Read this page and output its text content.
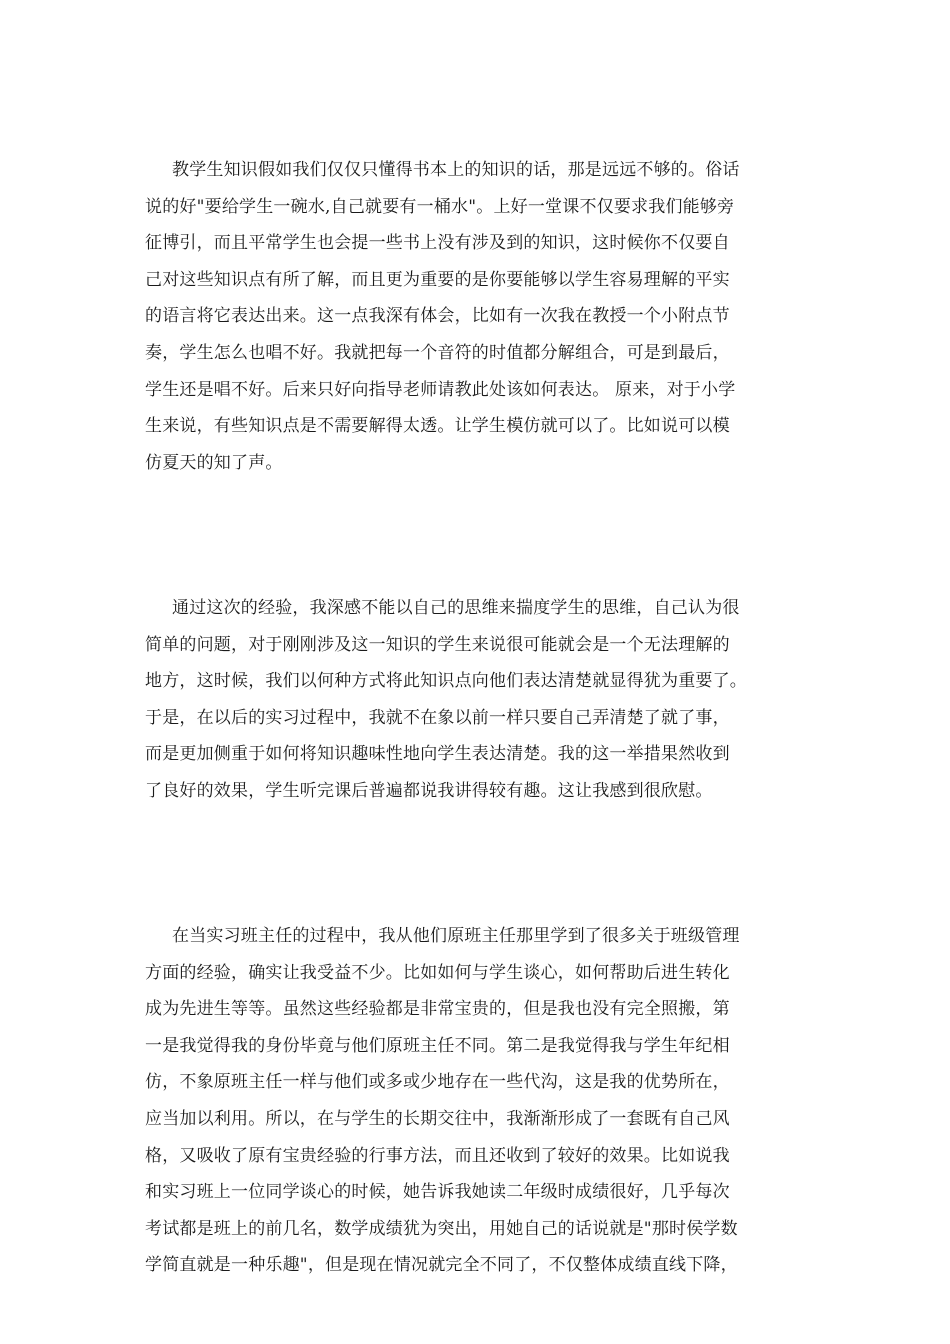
教学生知识假如我们仅仅只懂得书本上的知识的话，那是远远不够的。俗话
说的好"要给学生一碗水,自己就要有一桶水"。上好一堂课不仅要求我们能够旁
征博引，而且平常学生也会提一些书上没有涉及到的知识，这时候你不仅要自
己对这些知识点有所了解，而且更为重要的是你要能够以学生容易理解的平实
的语言将它表达出来。这一点我深有体会，比如有一次我在教授一个小附点节
奏，学生怎么也唱不好。我就把每一个音符的时值都分解组合，可是到最后，
学生还是唱不好。后来只好向指导老师请教此处该如何表达。 原来，对于小学
生来说，有些知识点是不需要解得太透。让学生模仿就可以了。比如说可以模
仿夏天的知了声。
通过这次的经验，我深感不能以自己的思维来揣度学生的思维，自己认为很
简单的问题，对于刚刚涉及这一知识的学生来说很可能就会是一个无法理解的
地方，这时候，我们以何种方式将此知识点向他们表达清楚就显得犹为重要了。
于是，在以后的实习过程中，我就不在象以前一样只要自己弄清楚了就了事，
而是更加侧重于如何将知识趣味性地向学生表达清楚。我的这一举措果然收到
了良好的效果，学生听完课后普遍都说我讲得较有趣。这让我感到很欣慰。
在当实习班主任的过程中，我从他们原班主任那里学到了很多关于班级管理
方面的经验，确实让我受益不少。比如如何与学生谈心，如何帮助后进生转化
成为先进生等等。虽然这些经验都是非常宝贵的，但是我也没有完全照搬，第
一是我觉得我的身份毕竟与他们原班主任不同。第二是我觉得我与学生年纪相
仿，不象原班主任一样与他们或多或少地存在一些代沟，这是我的优势所在，
应当加以利用。所以，在与学生的长期交往中，我渐渐形成了一套既有自己风
格，又吸收了原有宝贵经验的行事方法，而且还收到了较好的效果。比如说我
和实习班上一位同学谈心的时候，她告诉我她读二年级时成绩很好，几乎每次
考试都是班上的前几名，数学成绩犹为突出，用她自己的话说就是"那时侯学数
学简直就是一种乐趣"，但是现在情况就完全不同了，不仅整体成绩直线下降，
